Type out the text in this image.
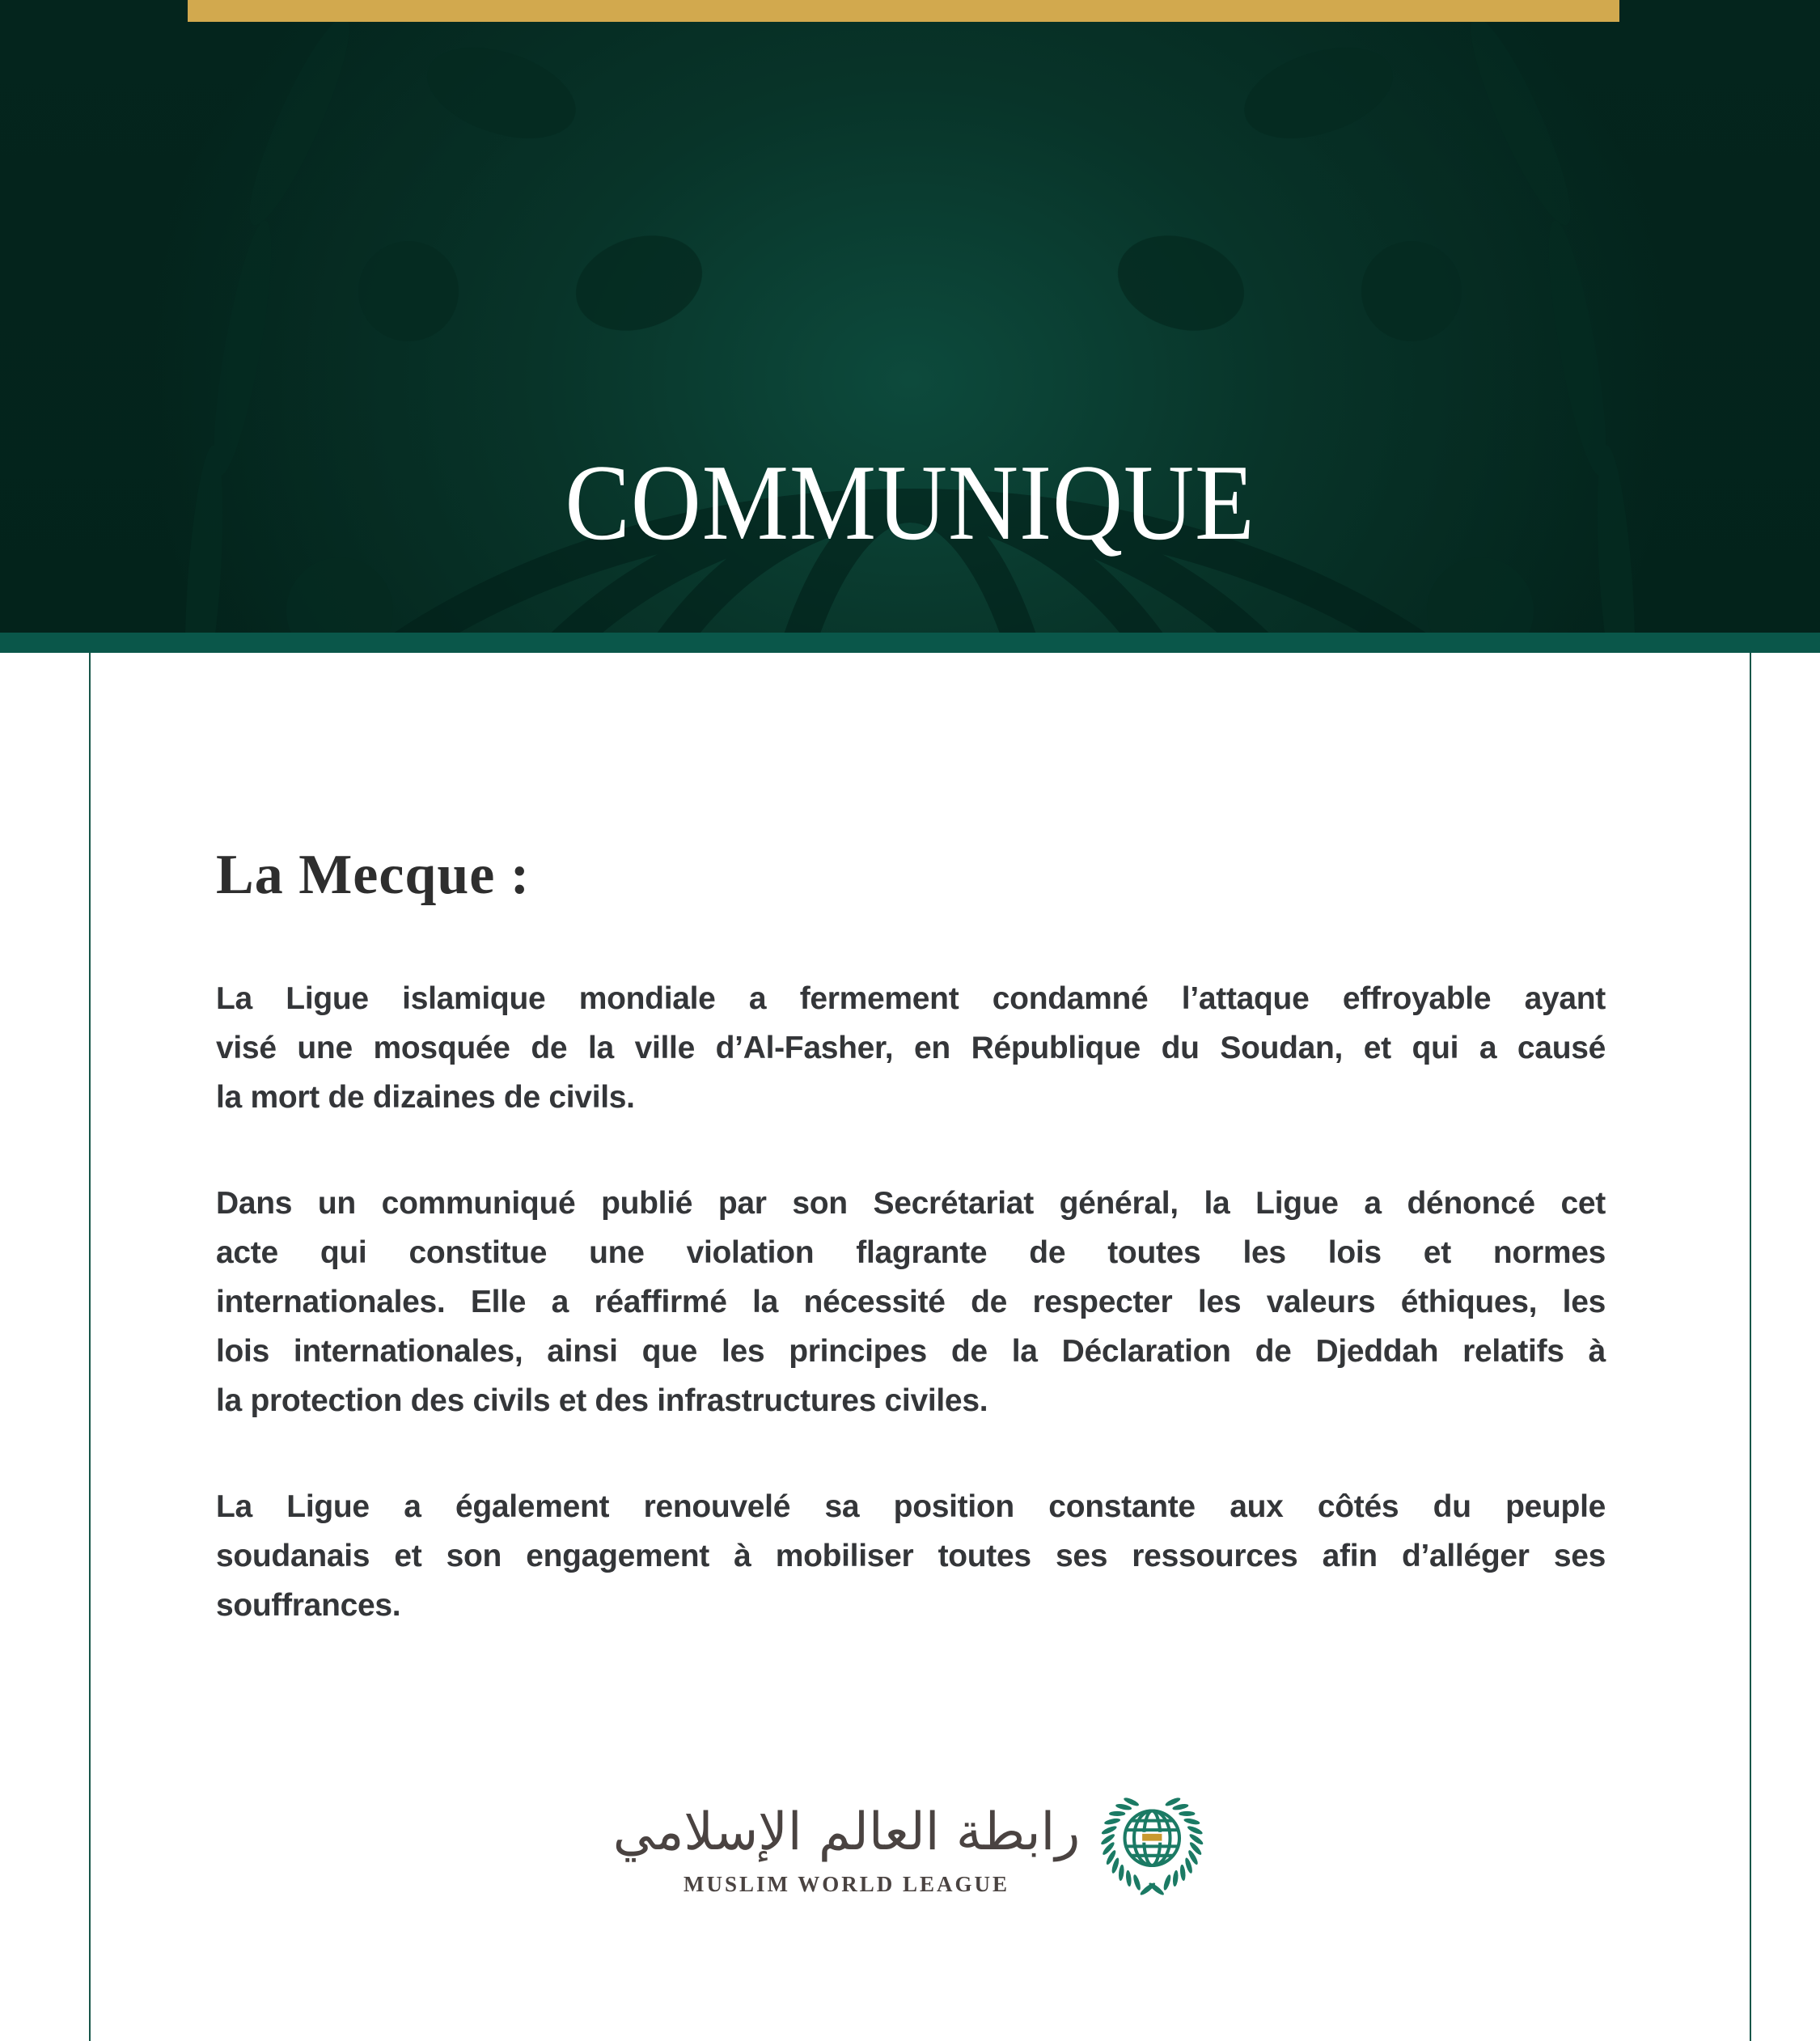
COMMUNIQUE
La Mecque :
La Ligue islamique mondiale a fermement condamné l’attaque effroyable ayant
visé une mosquée de la ville d’Al-Fasher, en République du Soudan, et qui a causé
la mort de dizaines de civils.
Dans un communiqué publié par son Secrétariat général, la Ligue a dénoncé cet
acte qui constitue une violation flagrante de toutes les lois et normes
internationales. Elle a réaffirmé la nécessité de respecter les valeurs éthiques, les
lois internationales, ainsi que les principes de la Déclaration de Djeddah relatifs à
la protection des civils et des infrastructures civiles.
La Ligue a également renouvelé sa position constante aux côtés du peuple
soudanais et son engagement à mobiliser toutes ses ressources afin d’alléger ses
souffrances.
رابطة العالم الإسلامي
MUSLIM WORLD LEAGUE
